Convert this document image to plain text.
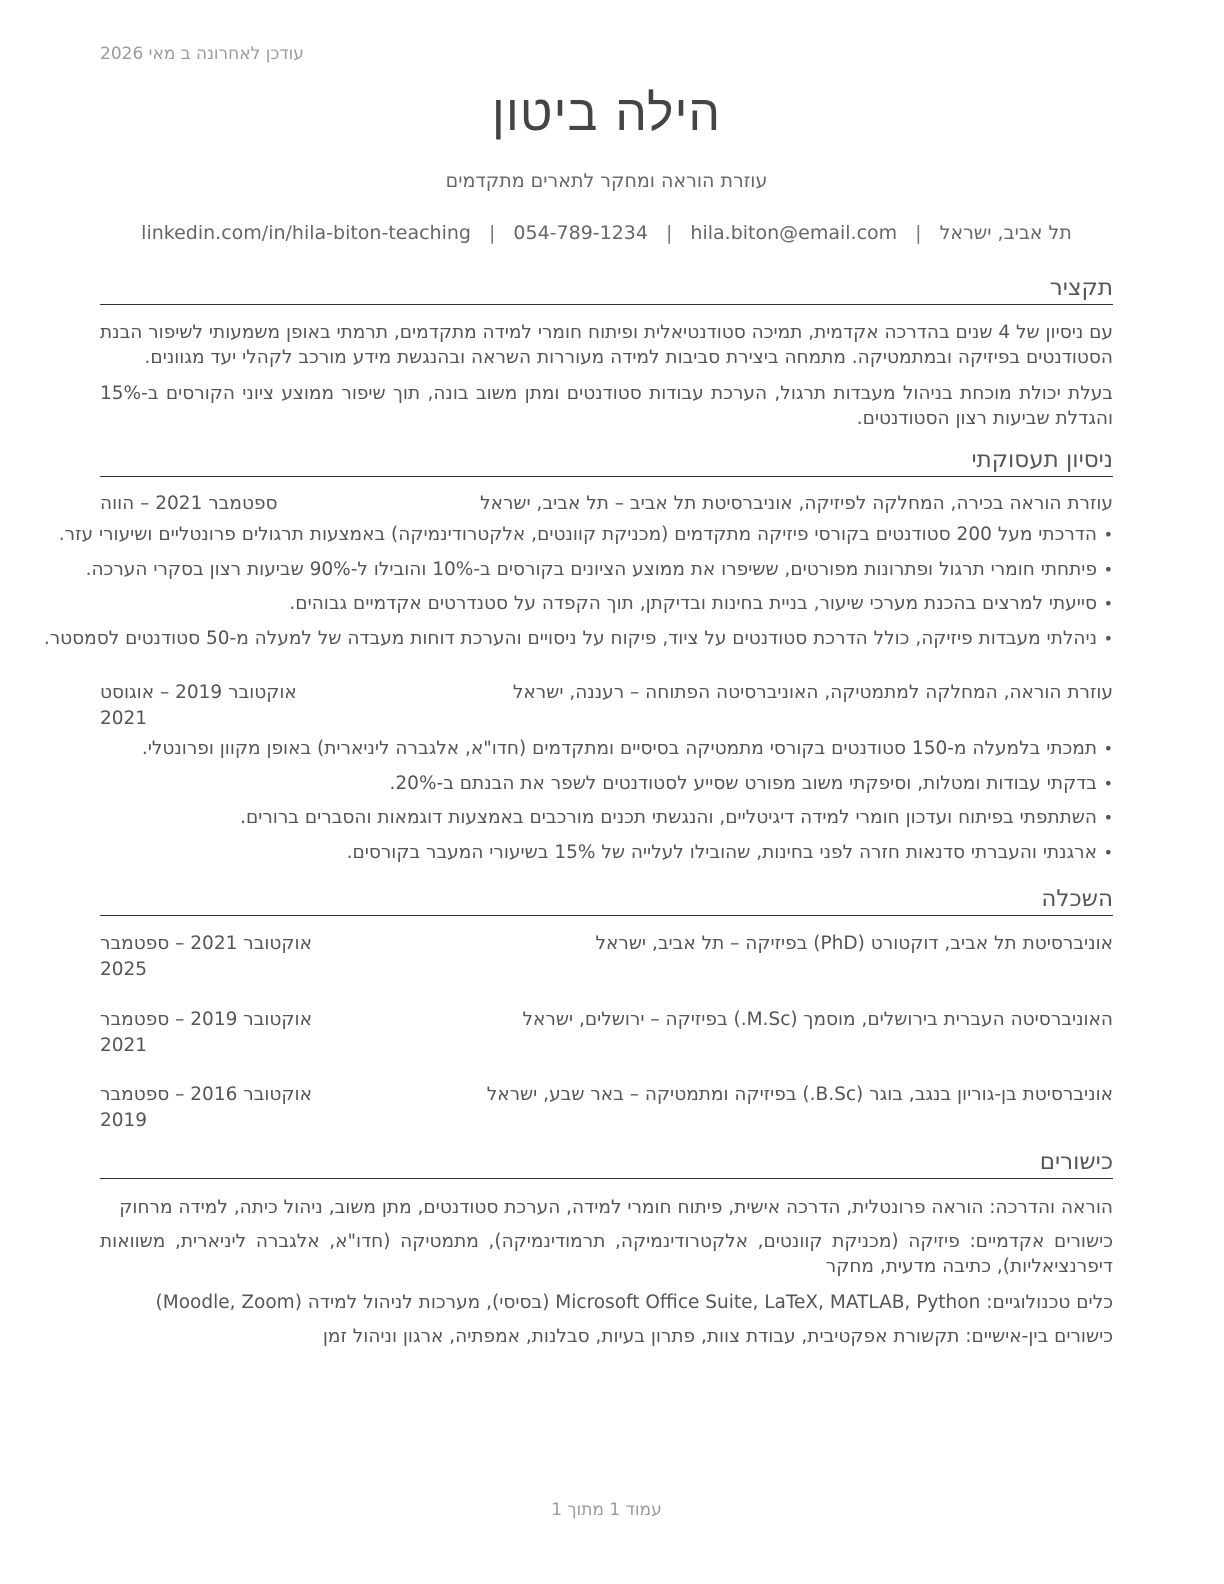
עודכן לאחרונה ב מאי 2026
הילה ביטון
עוזרת הוראה ומחקר לתארים מתקדמים
תל אביב, ישראל
|
hila.biton@email.com
|
054-789-1234
|
linkedin.com/in/hila-biton-teaching
תקציר
עם ניסיון של 4 שנים בהדרכה אקדמית, תמיכה סטודנטיאלית ופיתוח חומרי למידה מתקדמים, תרמתי באופן משמעותי לשיפור הבנת הסטודנטים בפיזיקה ובמתמטיקה. מתמחה ביצירת סביבות למידה מעוררות השראה ובהנגשת מידע מורכב לקהלי יעד מגוונים.
בעלת יכולת מוכחת בניהול מעבדות תרגול, הערכת עבודות סטודנטים ומתן משוב בונה, תוך שיפור ממוצע ציוני הקורסים ב-15% והגדלת שביעות רצון הסטודנטים.
ניסיון תעסוקתי
עוזרת הוראה בכירה, המחלקה לפיזיקה, אוניברסיטת תל אביב – תל אביב, ישראל
ספטמבר 2021 – הווה
• הדרכתי מעל 200 סטודנטים בקורסי פיזיקה מתקדמים (מכניקת קוונטים, אלקטרודינמיקה) באמצעות תרגולים פרונטליים ושיעורי עזר.
• פיתחתי חומרי תרגול ופתרונות מפורטים, ששיפרו את ממוצע הציונים בקורסים ב-10% והובילו ל-90% שביעות רצון בסקרי הערכה.
• סייעתי למרצים בהכנת מערכי שיעור, בניית בחינות ובדיקתן, תוך הקפדה על סטנדרטים אקדמיים גבוהים.
• ניהלתי מעבדות פיזיקה, כולל הדרכת סטודנטים על ציוד, פיקוח על ניסויים והערכת דוחות מעבדה של למעלה מ-50 סטודנטים לסמסטר.
עוזרת הוראה, המחלקה למתמטיקה, האוניברסיטה הפתוחה – רעננה, ישראל
אוקטובר 2019 – אוגוסט
2021
• תמכתי בלמעלה מ-150 סטודנטים בקורסי מתמטיקה בסיסיים ומתקדמים (חדו"א, אלגברה ליניארית) באופן מקוון ופרונטלי.
• בדקתי עבודות ומטלות, וסיפקתי משוב מפורט שסייע לסטודנטים לשפר את הבנתם ב-20%.
• השתתפתי בפיתוח ועדכון חומרי למידה דיגיטליים, והנגשתי תכנים מורכבים באמצעות דוגמאות והסברים ברורים.
• ארגנתי והעברתי סדנאות חזרה לפני בחינות, שהובילו לעלייה של 15% בשיעורי המעבר בקורסים.
השכלה
אוניברסיטת תל אביב, דוקטורט (PhD) בפיזיקה – תל אביב, ישראל
אוקטובר 2021 – ספטמבר
2025
האוניברסיטה העברית בירושלים, מוסמך (M.Sc.) בפיזיקה – ירושלים, ישראל
אוקטובר 2019 – ספטמבר
2021
אוניברסיטת בן-גוריון בנגב, בוגר (B.Sc.) בפיזיקה ומתמטיקה – באר שבע, ישראל
אוקטובר 2016 – ספטמבר
2019
כישורים
הוראה והדרכה: הוראה פרונטלית, הדרכה אישית, פיתוח חומרי למידה, הערכת סטודנטים, מתן משוב, ניהול כיתה, למידה מרחוק
כישורים אקדמיים: פיזיקה (מכניקת קוונטים, אלקטרודינמיקה, תרמודינמיקה), מתמטיקה (חדו"א, אלגברה ליניארית, משוואות דיפרנציאליות), כתיבה מדעית, מחקר
כלים טכנולוגיים: Microsoft Office Suite, LaTeX, MATLAB, Python (בסיסי), מערכות לניהול למידה (Moodle, Zoom)
כישורים בין-אישיים: תקשורת אפקטיבית, עבודת צוות, פתרון בעיות, סבלנות, אמפתיה, ארגון וניהול זמן
עמוד 1 מתוך 1
